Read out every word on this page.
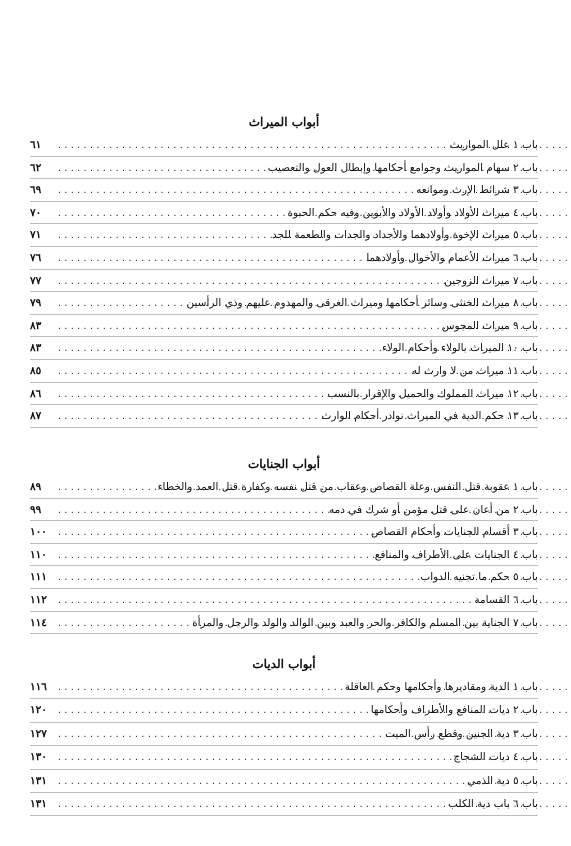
أبواب الميراث
باب ١ علل المواريث
.....
٦١
باب ٢ سهام المواريث وجوامع أحكامها وإبطال العول والتعصيب
.....
٦٢
باب ٣ شرائط الإرث وموانعه
.....
٦٩
باب ٤ ميراث الأولاد وأولاد الأولاد والأبوين وفيه حكم الحبوة
.....
٧٠
باب ٥ ميراث الإخوة وأولادهما والأجداد والجدات والطعمة للجد
.....
٧١
باب ٦ ميراث الأعمام والأخوال وأولادهما
.....
٧٦
باب ٧ ميراث الزوجين
.....
٧٧
باب ٨ ميراث الخنثى وسائر أحكامها وميراث الغرقى والمهدوم عليهم وذي الرأسين
.....
٧٩
باب ٩ ميراث المجوس
.....
٨٣
باب ١٠ الميراث بالولاء وأحكام الولاء
.....
٨٣
باب ١١ ميراث من لا وارث له
.....
٨٥
باب ١٢ ميراث المملوك والحميل والإقرار بالنسب
.....
٨٦
باب ١٣ حكم الدية في الميراث نوادر أحكام الوارث
.....
٨٧
أبواب الجنايات
باب ١ عقوبة قتل النفس وعلة القصاص وعقاب من قتل نفسه وكفارة قتل العمد والخطاء
.....
٨٩
باب ٢ من أعان على قتل مؤمن أو شرك في دمه
.....
٩٩
باب ٣ أقسام الجنايات وأحكام القصاص
.....
١٠٠
باب ٤ الجنايات على الأطراف والمنافع
.....
١١٠
باب ٥ حكم ما تجنيه الدواب
.....
١١١
باب ٦ القسامة
.....
١١٢
باب ٧ الجناية بين المسلم والكافر والحر والعبد وبين الوالد والولد والرجل والمرأة
.....
١١٤
أبواب الديات
باب ١ الدية ومقاديرها وأحكامها وحكم العاقلة
.....
١١٦
باب ٢ ديات المنافع والأطراف وأحكامها
.....
١٢٠
باب ٣ دية الجنين وقطع رأس الميت
.....
١٢٧
باب ٤ ديات الشجاج
.....
١٣٠
باب ٥ دية الذمي
.....
١٣١
باب ٦ باب دية الكلب
.....
١٣١
